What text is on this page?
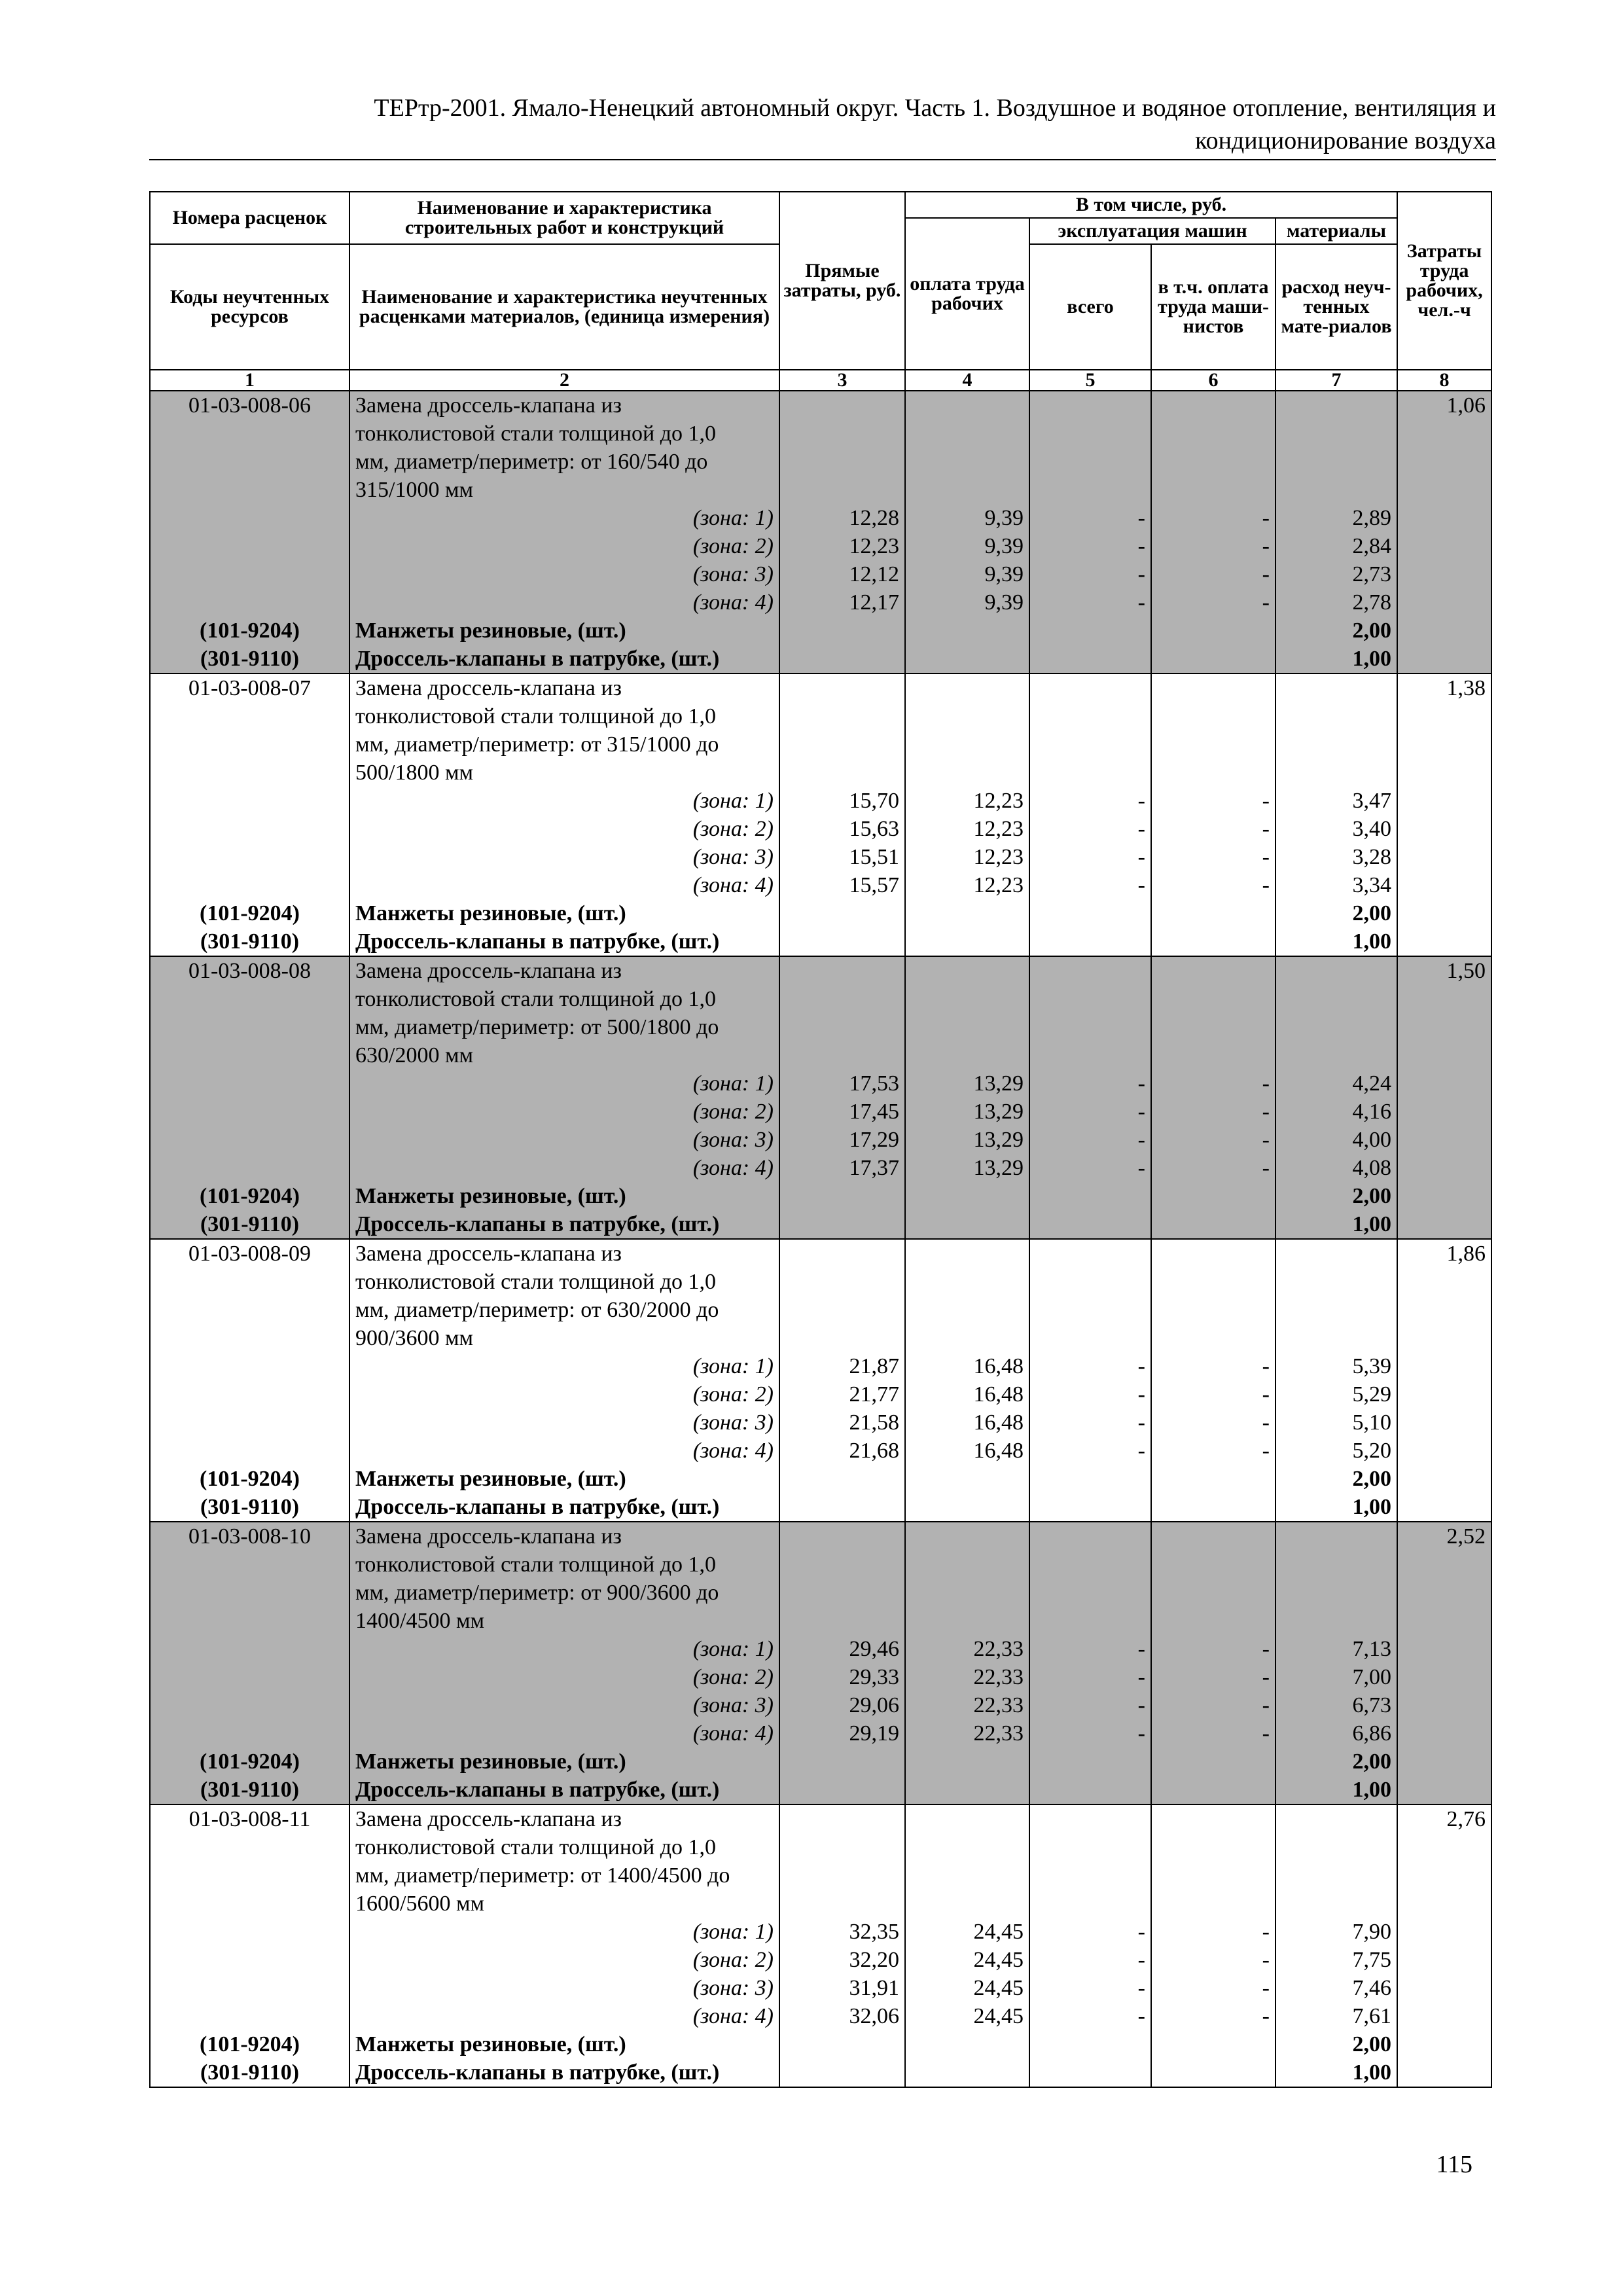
ТЕРтр-2001. Ямало-Ненецкий автономный округ. Часть 1. Воздушное и водяное отопление, вентиляция и
кондиционирование воздуха
Номера расценок	Наименование и характеристика строительных работ и конструкций	Прямые затраты, руб.	В том числе, руб.				Затраты труда рабочих, чел.-ч
			оплата труда рабочих	эксплуатация машин		материалы	
Коды неучтенных ресурсов	Наименование и характеристика неучтенных расценками материалов, (единица измерения)			всего	в т.ч. оплата труда маши-нистов	расход неуч-тенных мате-риалов	
1	2	3	4	5	6	7	8
01-03-008-06	Замена дроссель-клапана из
тонколистовой стали толщиной до 1,0
мм, диаметр/периметр: от 160/540 до
315/1000 мм						1,06
	(зона: 1)	12,28	9,39	-	-	2,89	
	(зона: 2)	12,23	9,39	-	-	2,84	
	(зона: 3)	12,12	9,39	-	-	2,73	
	(зона: 4)	12,17	9,39	-	-	2,78	
(101-9204)	Манжеты резиновые, (шт.)					2,00	
(301-9110)	Дроссель-клапаны в патрубке, (шт.)					1,00	
01-03-008-07	Замена дроссель-клапана из
тонколистовой стали толщиной до 1,0
мм, диаметр/периметр: от 315/1000 до
500/1800 мм						1,38
	(зона: 1)	15,70	12,23	-	-	3,47	
	(зона: 2)	15,63	12,23	-	-	3,40	
	(зона: 3)	15,51	12,23	-	-	3,28	
	(зона: 4)	15,57	12,23	-	-	3,34	
(101-9204)	Манжеты резиновые, (шт.)					2,00	
(301-9110)	Дроссель-клапаны в патрубке, (шт.)					1,00	
01-03-008-08	Замена дроссель-клапана из
тонколистовой стали толщиной до 1,0
мм, диаметр/периметр: от 500/1800 до
630/2000 мм						1,50
	(зона: 1)	17,53	13,29	-	-	4,24	
	(зона: 2)	17,45	13,29	-	-	4,16	
	(зона: 3)	17,29	13,29	-	-	4,00	
	(зона: 4)	17,37	13,29	-	-	4,08	
(101-9204)	Манжеты резиновые, (шт.)					2,00	
(301-9110)	Дроссель-клапаны в патрубке, (шт.)					1,00	
01-03-008-09	Замена дроссель-клапана из
тонколистовой стали толщиной до 1,0
мм, диаметр/периметр: от 630/2000 до
900/3600 мм						1,86
	(зона: 1)	21,87	16,48	-	-	5,39	
	(зона: 2)	21,77	16,48	-	-	5,29	
	(зона: 3)	21,58	16,48	-	-	5,10	
	(зона: 4)	21,68	16,48	-	-	5,20	
(101-9204)	Манжеты резиновые, (шт.)					2,00	
(301-9110)	Дроссель-клапаны в патрубке, (шт.)					1,00	
01-03-008-10	Замена дроссель-клапана из
тонколистовой стали толщиной до 1,0
мм, диаметр/периметр: от 900/3600 до
1400/4500 мм						2,52
	(зона: 1)	29,46	22,33	-	-	7,13	
	(зона: 2)	29,33	22,33	-	-	7,00	
	(зона: 3)	29,06	22,33	-	-	6,73	
	(зона: 4)	29,19	22,33	-	-	6,86	
(101-9204)	Манжеты резиновые, (шт.)					2,00	
(301-9110)	Дроссель-клапаны в патрубке, (шт.)					1,00	
01-03-008-11	Замена дроссель-клапана из
тонколистовой стали толщиной до 1,0
мм, диаметр/периметр: от 1400/4500 до
1600/5600 мм						2,76
	(зона: 1)	32,35	24,45	-	-	7,90	
	(зона: 2)	32,20	24,45	-	-	7,75	
	(зона: 3)	31,91	24,45	-	-	7,46	
	(зона: 4)	32,06	24,45	-	-	7,61	
(101-9204)	Манжеты резиновые, (шт.)					2,00	
(301-9110)	Дроссель-клапаны в патрубке, (шт.)					1,00	
115
